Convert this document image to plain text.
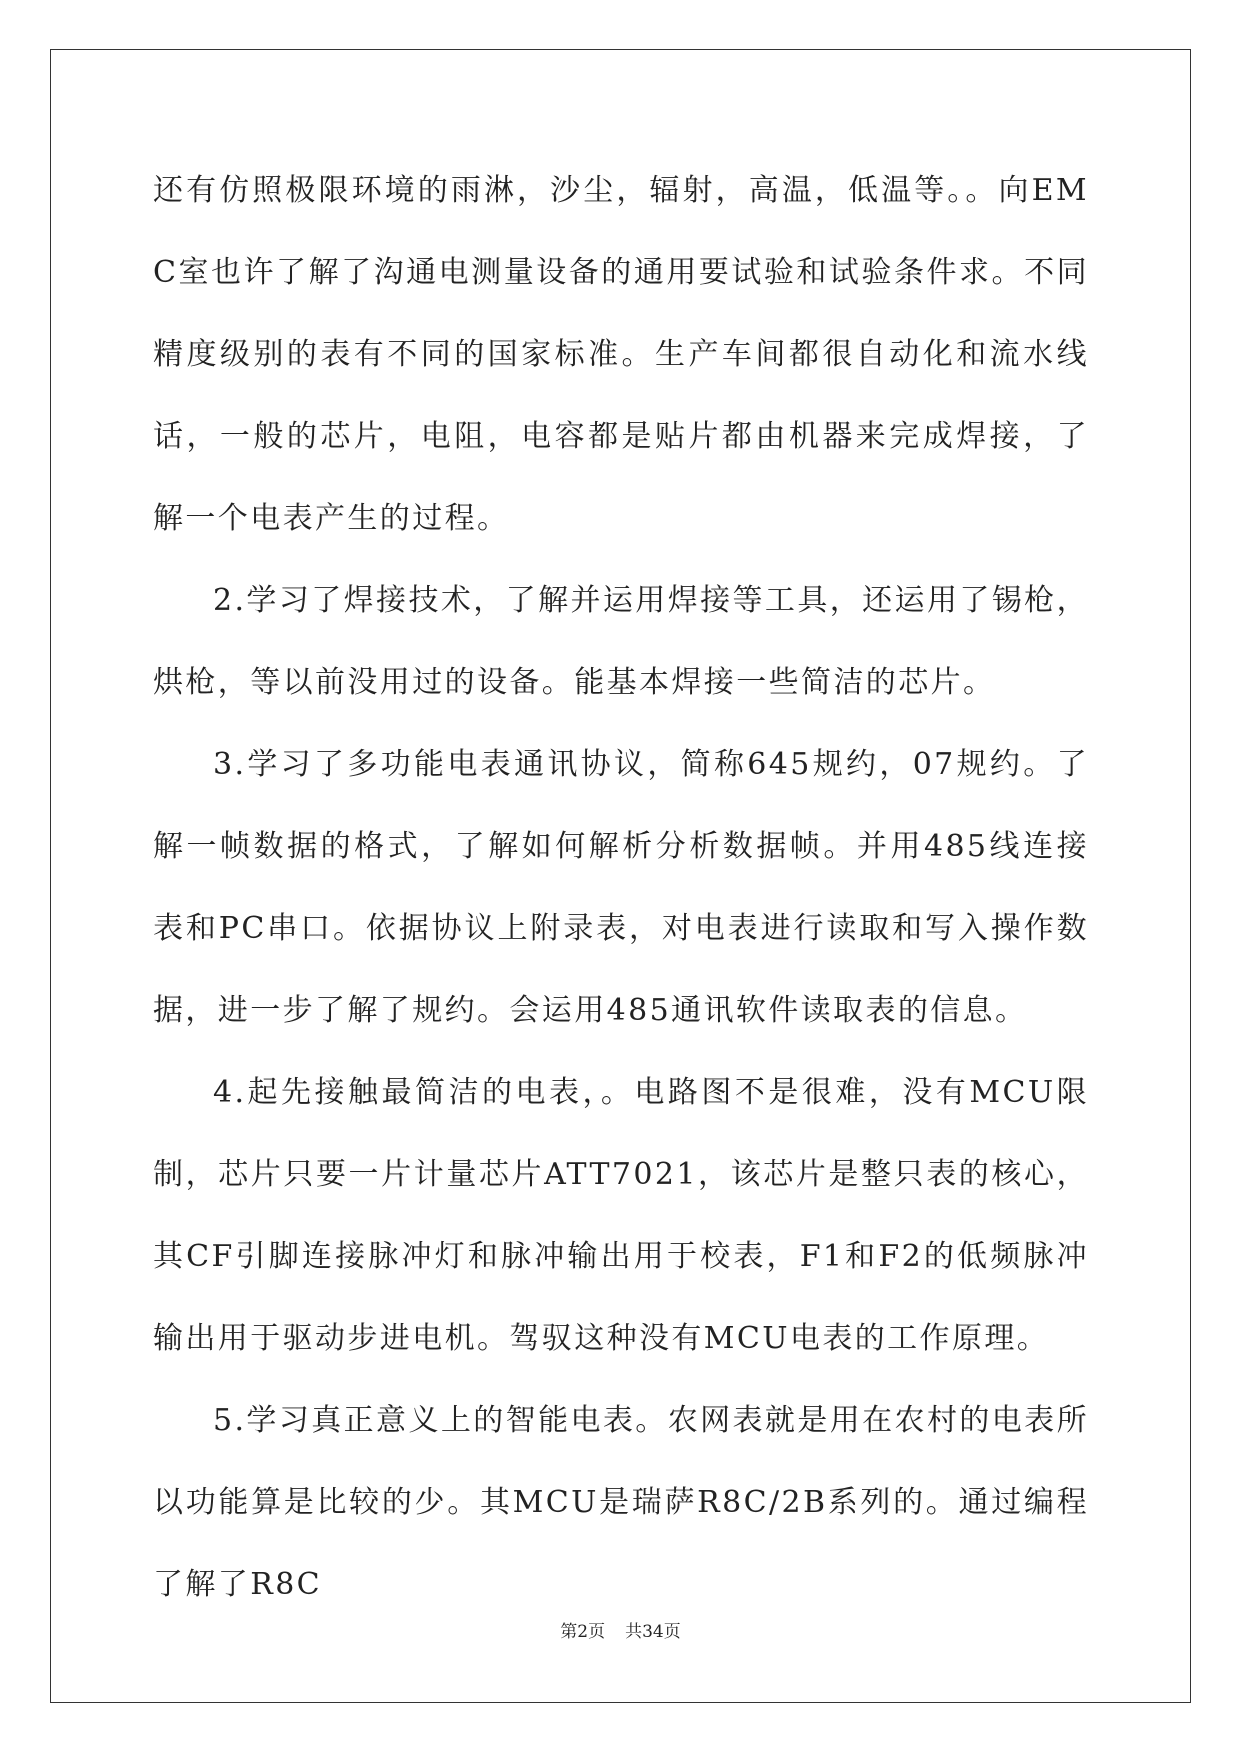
还有仿照极限环境的雨淋，沙尘，辐射，高温，低温等。。向EMC室也许了解了沟通电测量设备的通用要试验和试验条件求。不同精度级别的表有不同的国家标准。生产车间都很自动化和流水线话，一般的芯片，电阻，电容都是贴片都由机器来完成焊接，了解一个电表产生的过程。

2.学习了焊接技术，了解并运用焊接等工具，还运用了锡枪，烘枪，等以前没用过的设备。能基本焊接一些简洁的芯片。

3.学习了多功能电表通讯协议，简称645规约，07规约。了解一帧数据的格式，了解如何解析分析数据帧。并用485线连接表和PC串口。依据协议上附录表，对电表进行读取和写入操作数据，进一步了解了规约。会运用485通讯软件读取表的信息。

4.起先接触最简洁的电表，。电路图不是很难，没有MCU限制，芯片只要一片计量芯片ATT7021，该芯片是整只表的核心，其CF引脚连接脉冲灯和脉冲输出用于校表，F1和F2的低频脉冲输出用于驱动步进电机。驾驭这种没有MCU电表的工作原理。

5.学习真正意义上的智能电表。农网表就是用在农村的电表所以功能算是比较的少。其MCU是瑞萨R8C/2B系列的。通过编程了解了R8C

第2页 共34页
